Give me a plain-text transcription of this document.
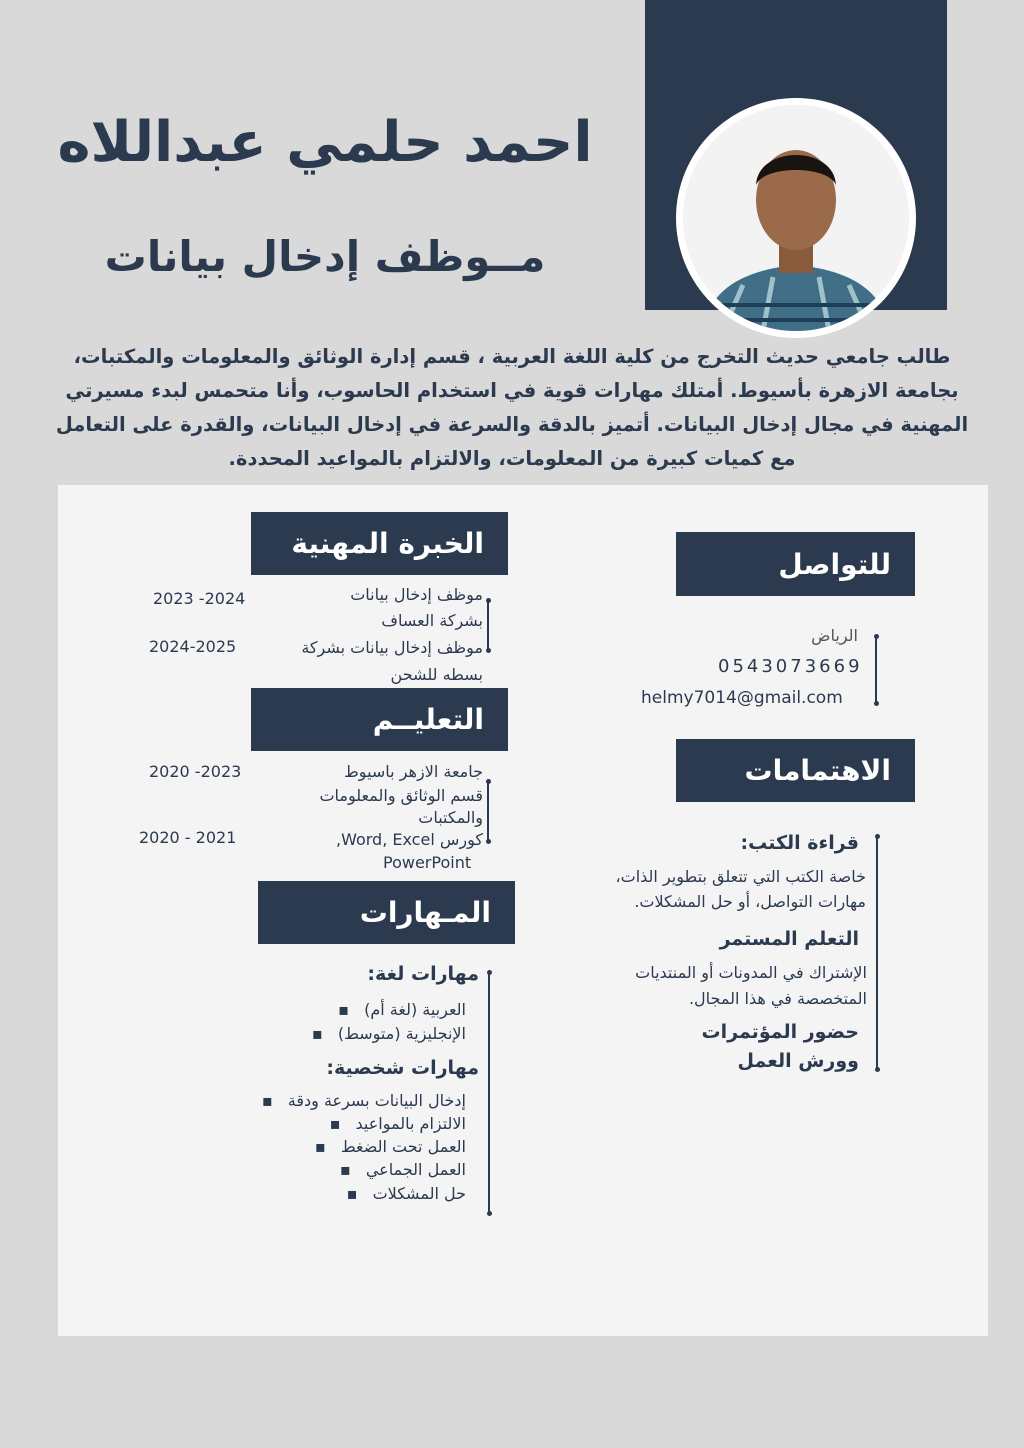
احمد حلمي عبداللاه
مــوظف إدخال بيانات
طالب جامعي حديث التخرج من كلية اللغة العربية ، قسم إدارة الوثائق والمعلومات والمكتبات،
بجامعة الازهرة بأسيوط. أمتلك مهارات قوية في استخدام الحاسوب، وأنا متحمس لبدء مسيرتي
المهنية في مجال إدخال البيانات. أتميز بالدقة والسرعة في إدخال البيانات، والقدرة على التعامل
مع كميات كبيرة من المعلومات، والالتزام بالمواعيد المحددة.
للتواصل
الرياض
0543073669
helmy7014@gmail.com
الاهتمامات
قراءة الكتب:
خاصة الكتب التي تتعلق بتطوير الذات،
مهارات التواصل، أو حل المشكلات.
التعلم المستمر
الإشتراك في المدونات أو المنتديات
المتخصصة في هذا المجال.
حضور المؤتمرات
وورش العمل
الخبرة المهنية
موظف إدخال بيانات
بشركة العساف
2023 -2024
موظف إدخال بيانات بشركة
بسطه للشحن
2024-2025
التعليــم
جامعة الازهر باسيوط
قسم الوثائق والمعلومات
والمكتبات
2020 -2023
كورس Word, Excel,
PowerPoint
2020 - 2021
المـهارات
مهارات لغة:
العربية (لغة أم) ▪
الإنجليزية (متوسط) ▪
مهارات شخصية:
إدخال البيانات بسرعة ودقة ▪
الالتزام بالمواعيد ▪
العمل تحت الضغط ▪
العمل الجماعي ▪
حل المشكلات ▪
